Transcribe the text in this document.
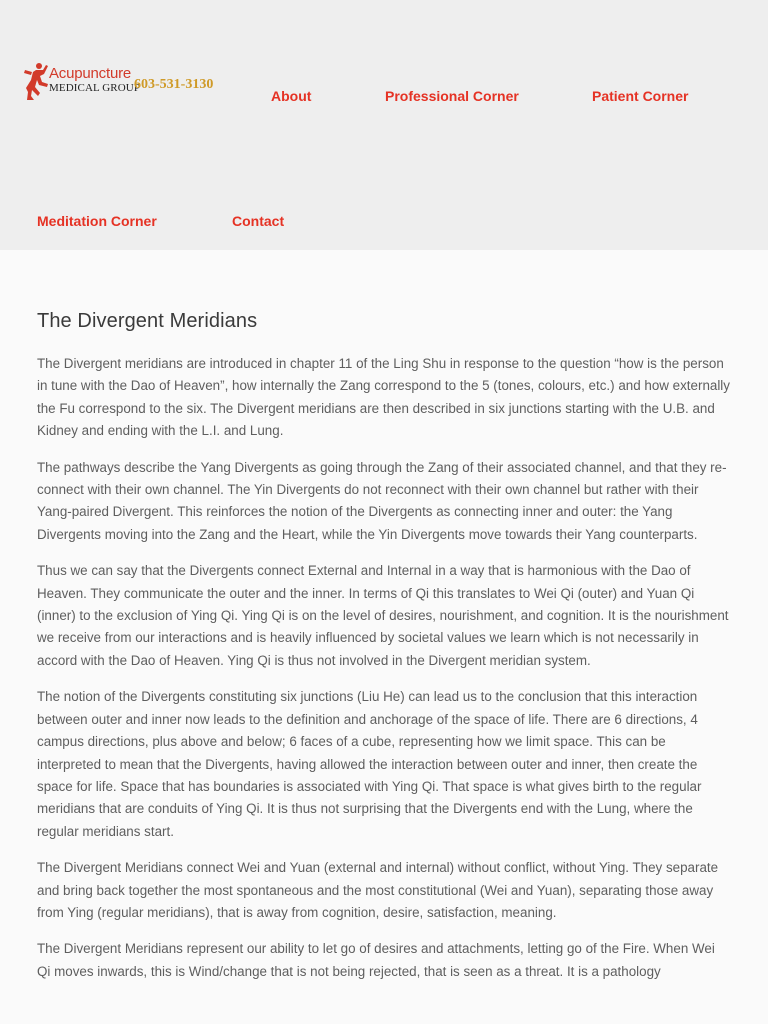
Acupuncture
MEDICAL GROUP
603-531-3130
About	Professional Corner	Patient Corner
Meditation Corner	Contact
The Divergent Meridians

The Divergent meridians are introduced in chapter 11 of the Ling Shu in response to the question “how is the person in tune with the Dao of Heaven”, how internally the Zang correspond to the 5 (tones, colours, etc.) and how externally the Fu correspond to the six. The Divergent meridians are then described in six junctions starting with the U.B. and Kidney and ending with the L.I. and Lung.

The pathways describe the Yang Divergents as going through the Zang of their associated channel, and that they re-connect with their own channel. The Yin Divergents do not reconnect with their own channel but rather with their Yang-paired Divergent. This reinforces the notion of the Divergents as connecting inner and outer: the Yang Divergents moving into the Zang and the Heart, while the Yin Divergents move towards their Yang counterparts.

Thus we can say that the Divergents connect External and Internal in a way that is harmonious with the Dao of Heaven. They communicate the outer and the inner. In terms of Qi this translates to Wei Qi (outer) and Yuan Qi (inner) to the exclusion of Ying Qi. Ying Qi is on the level of desires, nourishment, and cognition. It is the nourishment we receive from our interactions and is heavily influenced by societal values we learn which is not necessarily in accord with the Dao of Heaven. Ying Qi is thus not involved in the Divergent meridian system.

The notion of the Divergents constituting six junctions (Liu He) can lead us to the conclusion that this interaction between outer and inner now leads to the definition and anchorage of the space of life. There are 6 directions, 4 campus directions, plus above and below; 6 faces of a cube, representing how we limit space. This can be interpreted to mean that the Divergents, having allowed the interaction between outer and inner, then create the space for life. Space that has boundaries is associated with Ying Qi. That space is what gives birth to the regular meridians that are conduits of Ying Qi. It is thus not surprising that the Divergents end with the Lung, where the regular meridians start.

The Divergent Meridians connect Wei and Yuan (external and internal) without conflict, without Ying. They separate and bring back together the most spontaneous and the most constitutional (Wei and Yuan), separating those away from Ying (regular meridians), that is away from cognition, desire, satisfaction, meaning.

The Divergent Meridians represent our ability to let go of desires and attachments, letting go of the Fire. When Wei Qi moves inwards, this is Wind/change that is not being rejected, that is seen as a threat. It is a pathology
